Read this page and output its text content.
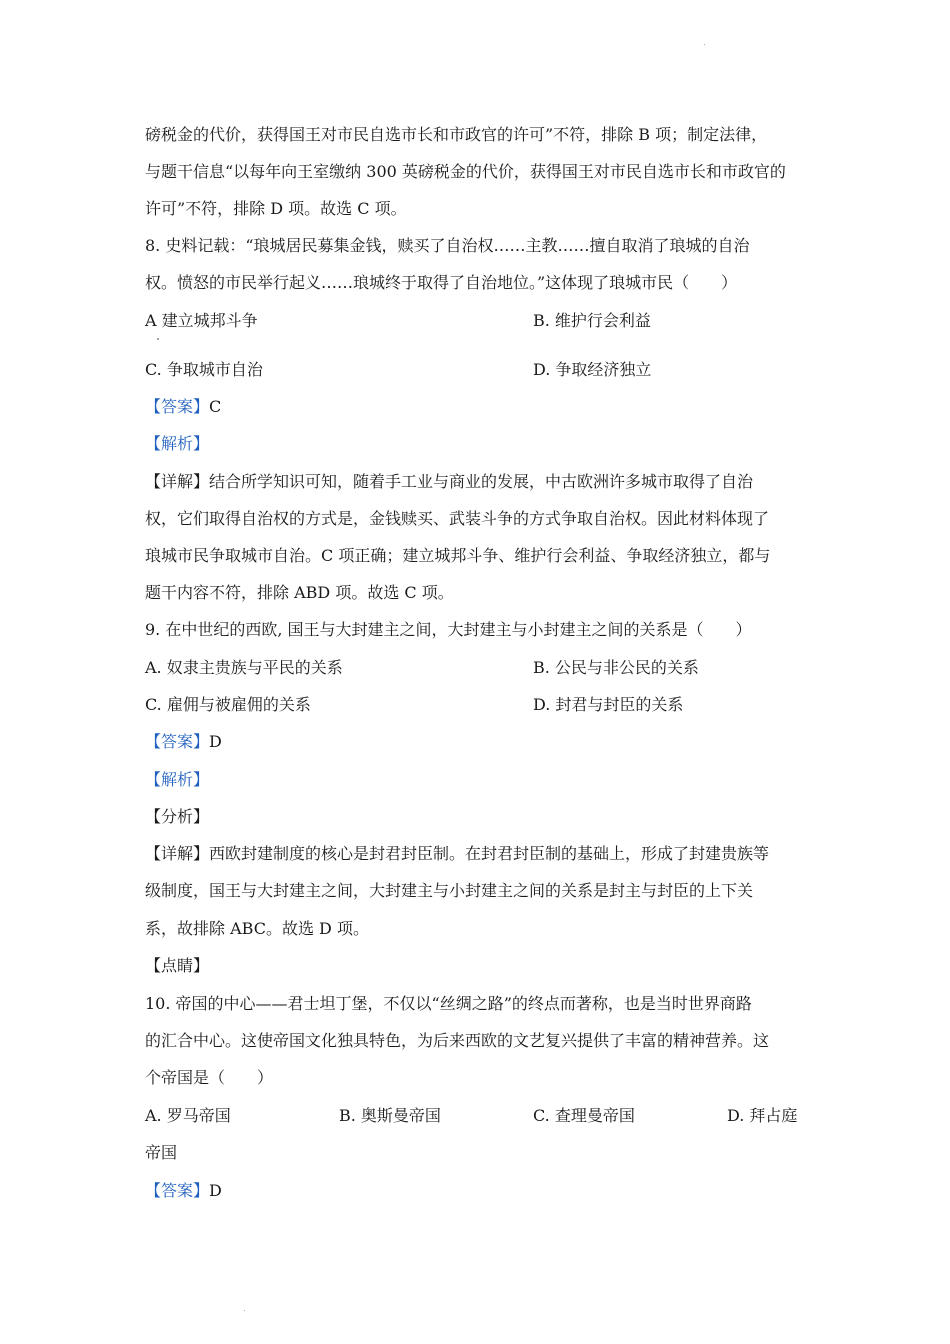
磅税金的代价，获得国王对市民自选市长和市政官的许可”不符，排除 B 项；制定法律，
与题干信息“以每年向王室缴纳 300 英磅税金的代价，获得国王对市民自选市长和市政官的
许可”不符，排除 D 项。故选 C 项。
8. 史料记载：“琅城居民募集金钱，赎买了自治权……主教……擅自取消了琅城的自治
权。愤怒的市民举行起义……琅城终于取得了自治地位。”这体现了琅城市民（　　）
A 建立城邦斗争	B. 维护行会利益
C. 争取城市自治	D. 争取经济独立
【答案】C
【解析】
【详解】结合所学知识可知，随着手工业与商业的发展，中古欧洲许多城市取得了自治
权，它们取得自治权的方式是，金钱赎买、武装斗争的方式争取自治权。因此材料体现了
琅城市民争取城市自治。C 项正确；建立城邦斗争、维护行会利益、争取经济独立，都与
题干内容不符，排除 ABD 项。故选 C 项。
9. 在中世纪的西欧, 国王与大封建主之间，大封建主与小封建主之间的关系是（　　）
A. 奴隶主贵族与平民的关系	B. 公民与非公民的关系
C. 雇佣与被雇佣的关系	D. 封君与封臣的关系
【答案】D
【解析】
【分析】
【详解】西欧封建制度的核心是封君封臣制。在封君封臣制的基础上，形成了封建贵族等
级制度，国王与大封建主之间，大封建主与小封建主之间的关系是封主与封臣的上下关
系，故排除 ABC。故选 D 项。
【点睛】
10. 帝国的中心——君士坦丁堡，不仅以“丝绸之路”的终点而著称，也是当时世界商路
的汇合中心。这使帝国文化独具特色，为后来西欧的文艺复兴提供了丰富的精神营养。这
个帝国是（　　）
A. 罗马帝国	B. 奥斯曼帝国	C. 查理曼帝国	D. 拜占庭
帝国
【答案】D
